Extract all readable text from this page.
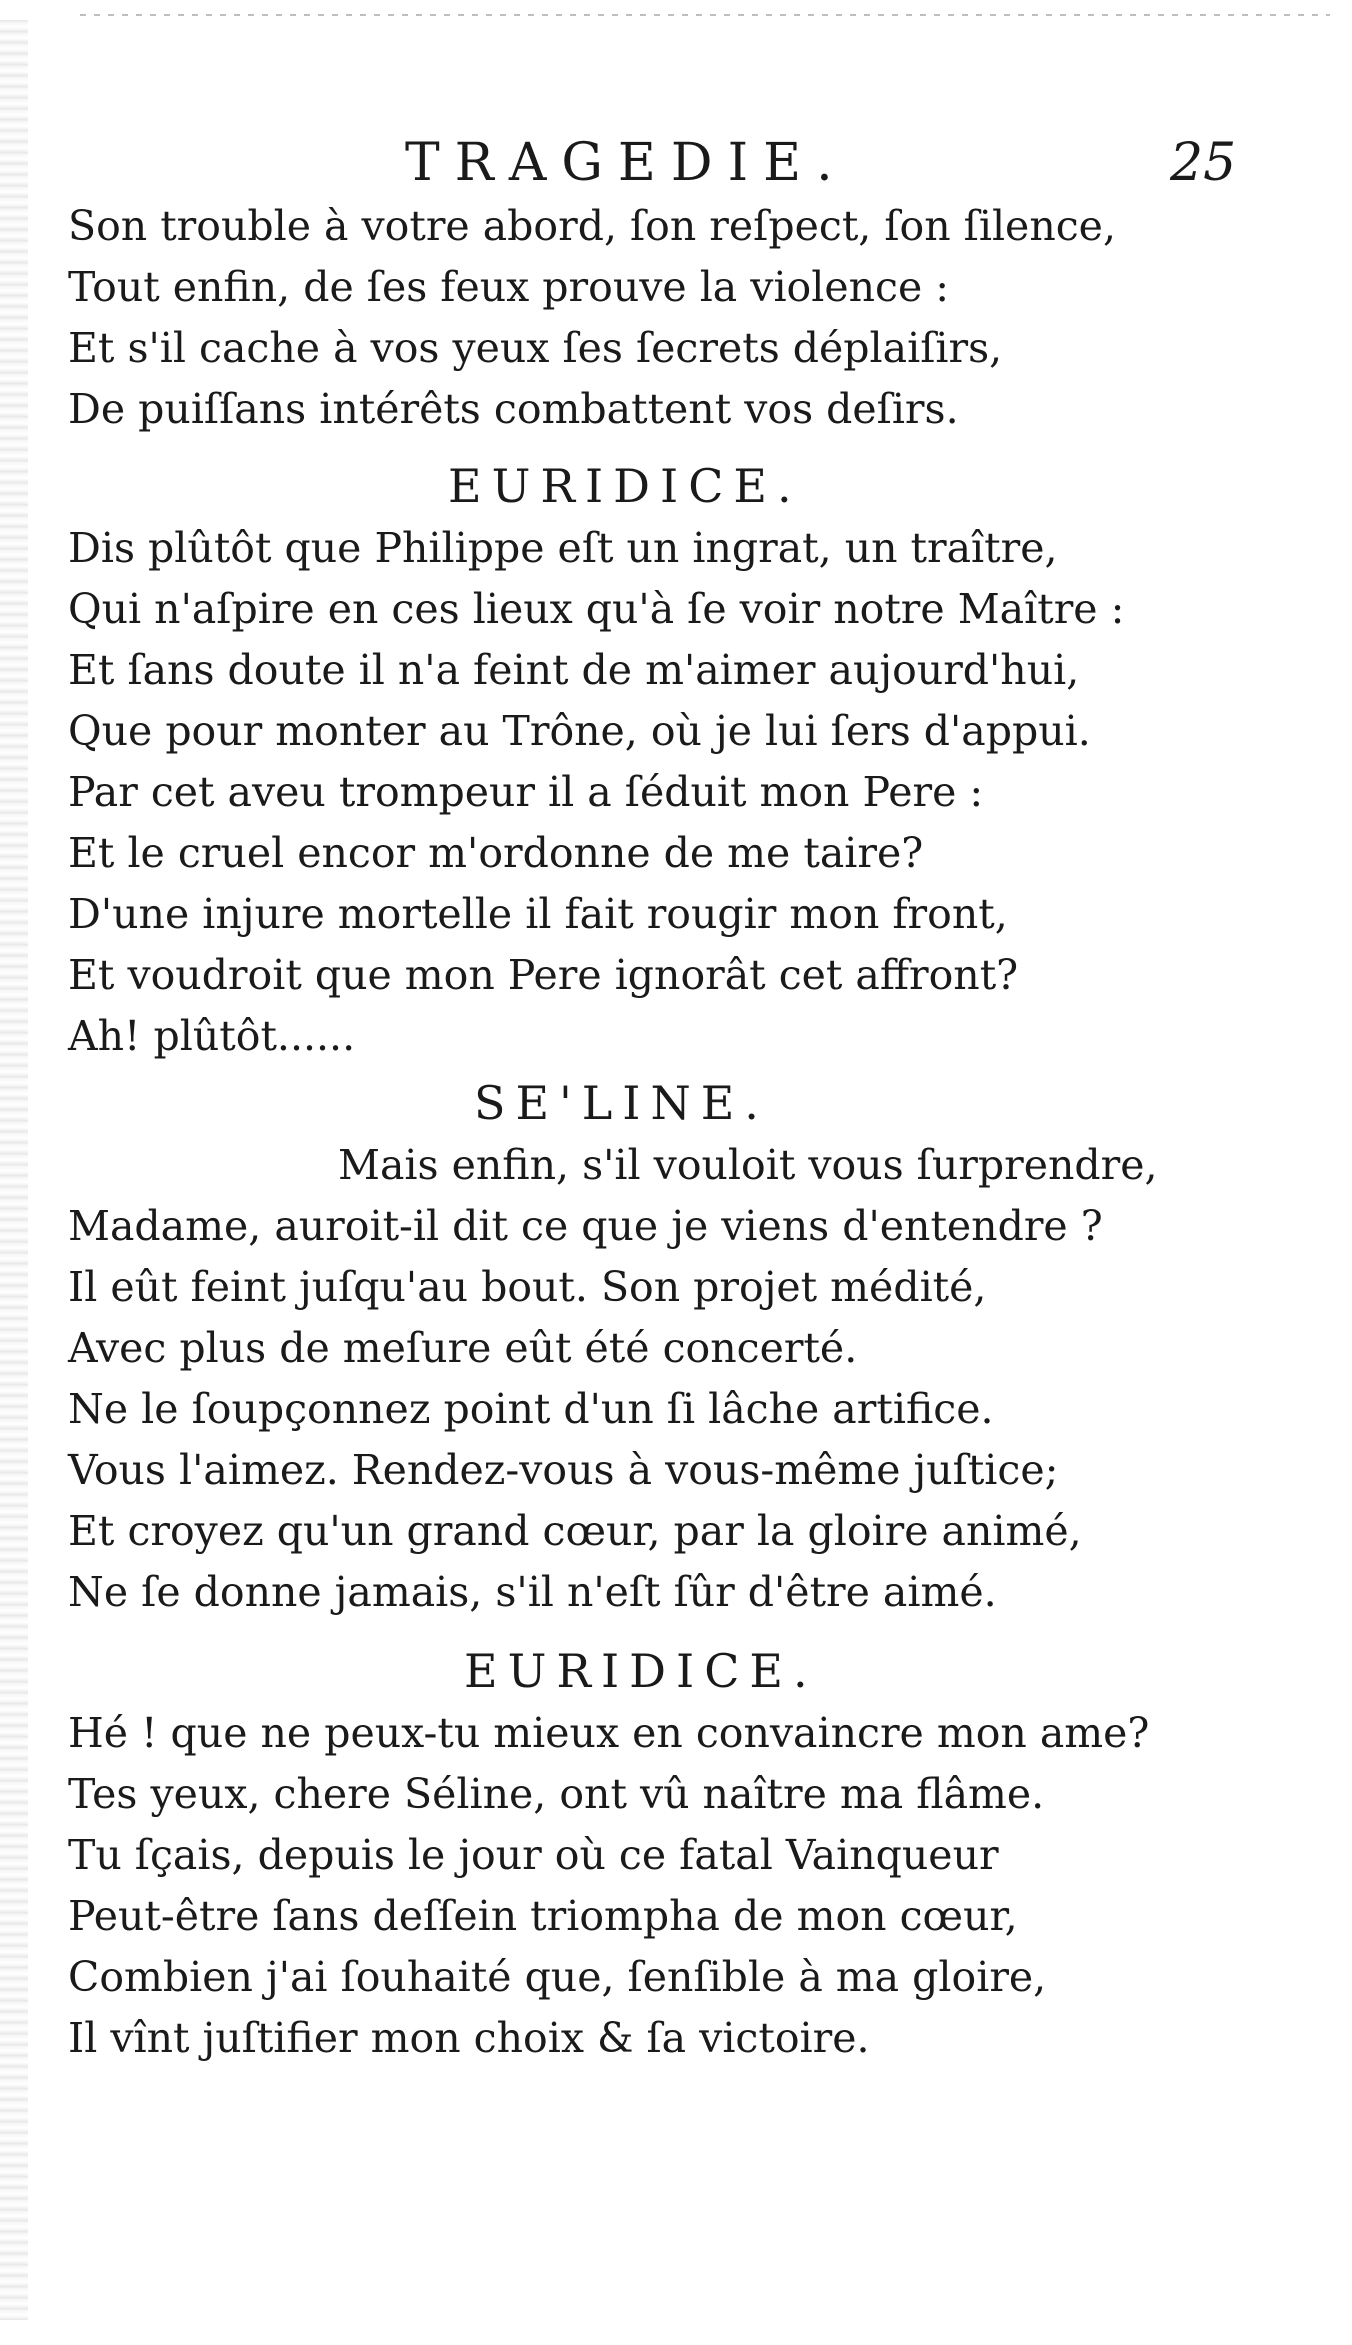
TRAGEDIE.	25
Son trouble à votre abord, ſon reſpect, ſon ſilence,
Tout enfin, de ſes feux prouve la violence :
Et s'il cache à vos yeux ſes ſecrets déplaiſirs,
De puiſſans intérêts combattent vos deſirs.
EURIDICE.
Dis plûtôt que Philippe eſt un ingrat, un traître,
Qui n'aſpire en ces lieux qu'à ſe voir notre Maître :
Et ſans doute il n'a feint de m'aimer aujourd'hui,
Que pour monter au Trône, où je lui ſers d'appui.
Par cet aveu trompeur il a ſéduit mon Pere :
Et le cruel encor m'ordonne de me taire?
D'une injure mortelle il fait rougir mon front,
Et voudroit que mon Pere ignorât cet affront?
Ah! plûtôt......
SE'LINE.
Mais enfin, s'il vouloit vous ſurprendre,
Madame, auroit-il dit ce que je viens d'entendre ?
Il eût feint juſqu'au bout. Son projet médité,
Avec plus de meſure eût été concerté.
Ne le ſoupçonnez point d'un ſi lâche artifice.
Vous l'aimez. Rendez-vous à vous-même juſtice;
Et croyez qu'un grand cœur, par la gloire animé,
Ne ſe donne jamais, s'il n'eſt ſûr d'être aimé.
EURIDICE.
Hé ! que ne peux-tu mieux en convaincre mon ame?
Tes yeux, chere Séline, ont vû naître ma flâme.
Tu ſçais, depuis le jour où ce fatal Vainqueur
Peut-être ſans deſſein triompha de mon cœur,
Combien j'ai ſouhaité que, ſenſible à ma gloire,
Il vînt juſtifier mon choix & ſa victoire.
